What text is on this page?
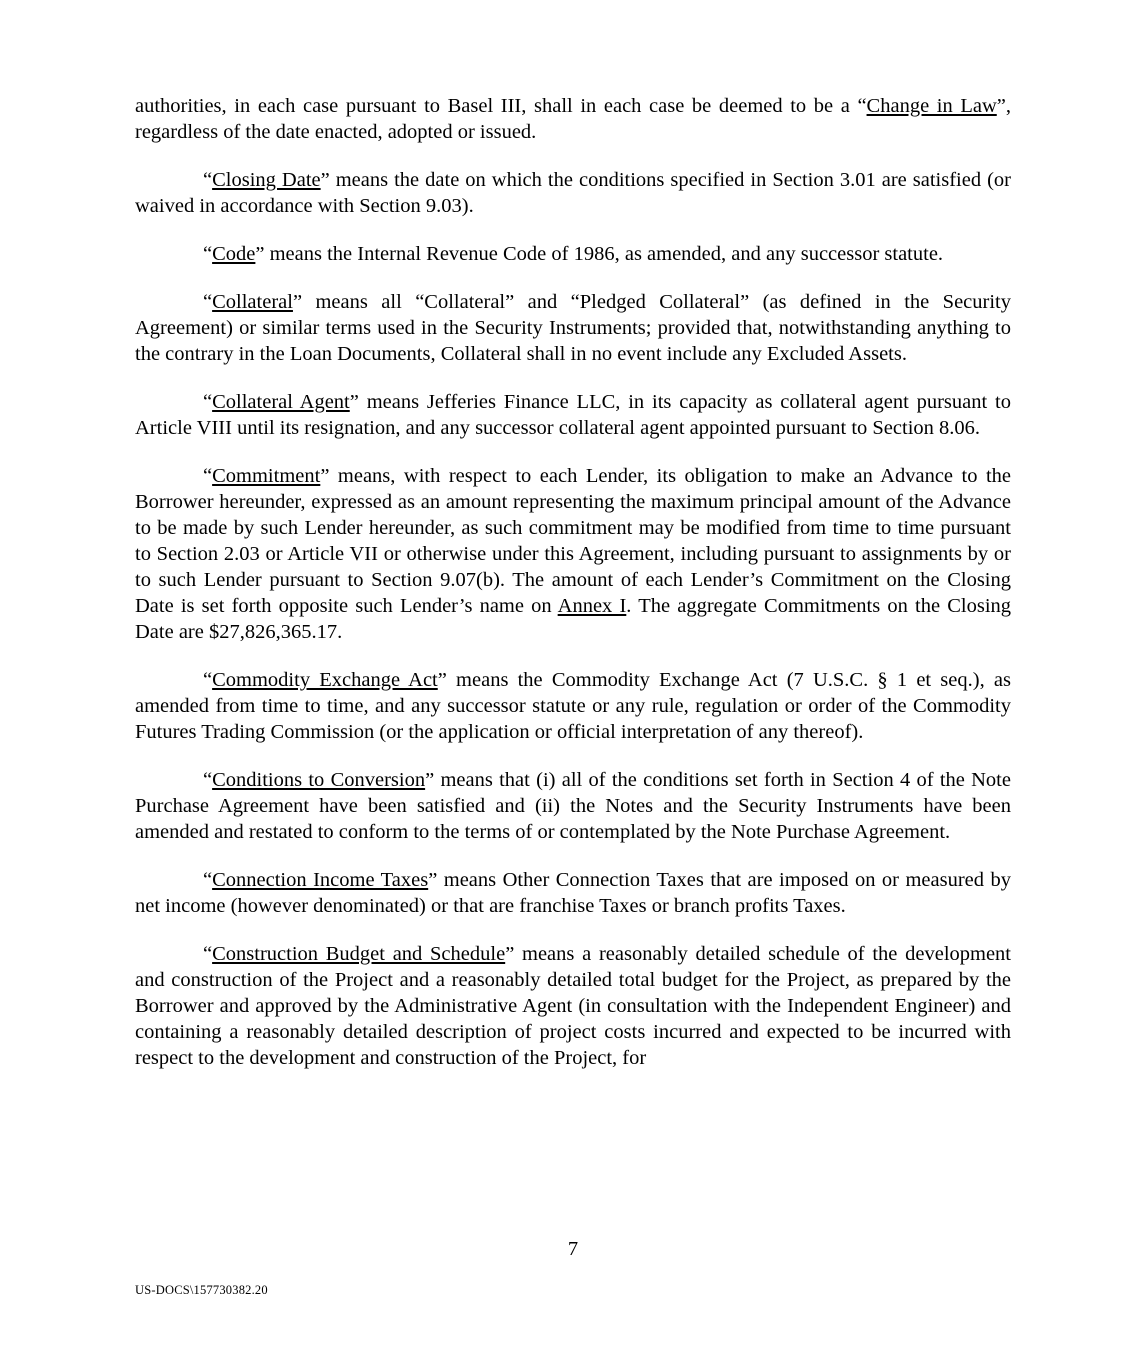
authorities, in each case pursuant to Basel III, shall in each case be deemed to be a “Change in Law”, regardless of the date enacted, adopted or issued.

“Closing Date” means the date on which the conditions specified in Section 3.01 are satisfied (or waived in accordance with Section 9.03).

“Code” means the Internal Revenue Code of 1986, as amended, and any successor statute.

“Collateral” means all “Collateral” and “Pledged Collateral” (as defined in the Security Agreement) or similar terms used in the Security Instruments; provided that, notwithstanding anything to the contrary in the Loan Documents, Collateral shall in no event include any Excluded Assets.

“Collateral Agent” means Jefferies Finance LLC, in its capacity as collateral agent pursuant to Article VIII until its resignation, and any successor collateral agent appointed pursuant to Section 8.06.

“Commitment” means, with respect to each Lender, its obligation to make an Advance to the Borrower hereunder, expressed as an amount representing the maximum principal amount of the Advance to be made by such Lender hereunder, as such commitment may be modified from time to time pursuant to Section 2.03 or Article VII or otherwise under this Agreement, including pursuant to assignments by or to such Lender pursuant to Section 9.07(b). The amount of each Lender’s Commitment on the Closing Date is set forth opposite such Lender’s name on Annex I. The aggregate Commitments on the Closing Date are $27,826,365.17.

“Commodity Exchange Act” means the Commodity Exchange Act (7 U.S.C. § 1 et seq.), as amended from time to time, and any successor statute or any rule, regulation or order of the Commodity Futures Trading Commission (or the application or official interpretation of any thereof).

“Conditions to Conversion” means that (i) all of the conditions set forth in Section 4 of the Note Purchase Agreement have been satisfied and (ii) the Notes and the Security Instruments have been amended and restated to conform to the terms of or contemplated by the Note Purchase Agreement.

“Connection Income Taxes” means Other Connection Taxes that are imposed on or measured by net income (however denominated) or that are franchise Taxes or branch profits Taxes.

“Construction Budget and Schedule” means a reasonably detailed schedule of the development and construction of the Project and a reasonably detailed total budget for the Project, as prepared by the Borrower and approved by the Administrative Agent (in consultation with the Independent Engineer) and containing a reasonably detailed description of project costs incurred and expected to be incurred with respect to the development and construction of the Project, for

7
US-DOCS\157730382.20
